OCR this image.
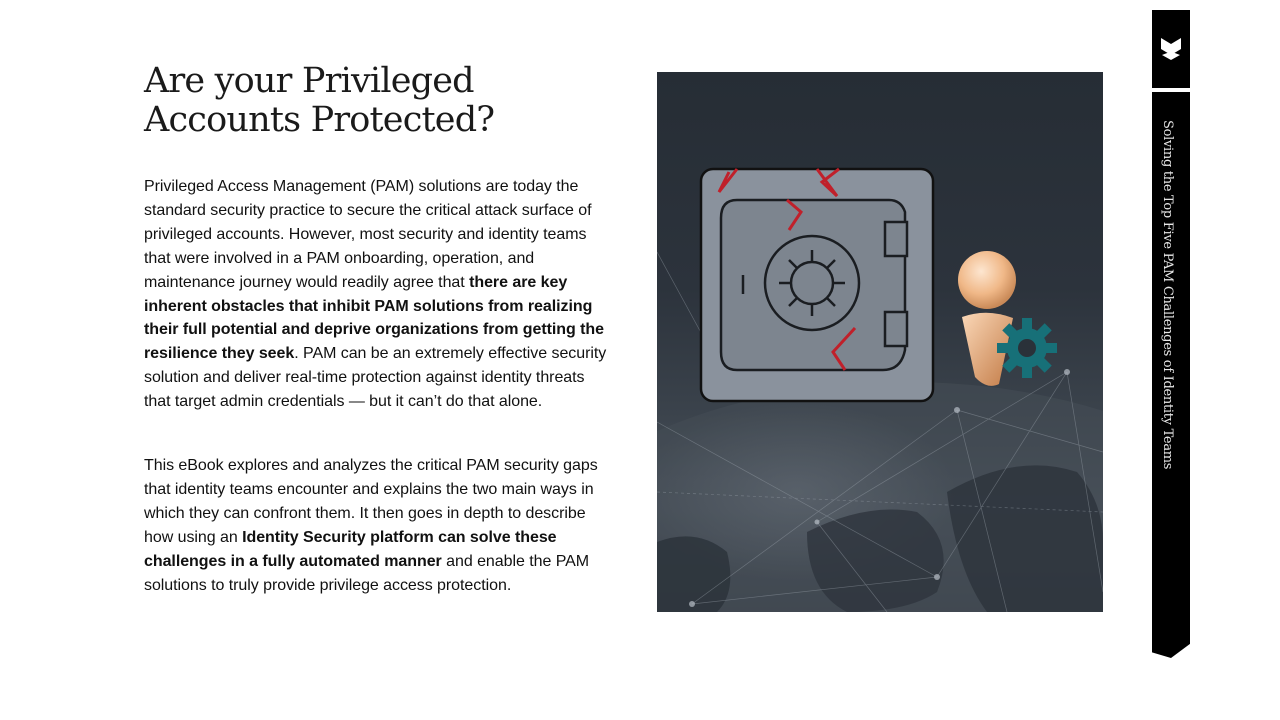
Are your Privileged Accounts Protected?

Privileged Access Management (PAM) solutions are today the standard security practice to secure the critical attack surface of privileged accounts. However, most security and identity teams that were involved in a PAM onboarding, operation, and maintenance journey would readily agree that there are key inherent obstacles that inhibit PAM solutions from realizing their full potential and deprive organizations from getting the resilience they seek. PAM can be an extremely effective security solution and deliver real-time protection against identity threats that target admin credentials — but it can’t do that alone.

This eBook explores and analyzes the critical PAM security gaps that identity teams encounter and explains the two main ways in which they can confront them. It then goes in depth to describe how using an Identity Security platform can solve these challenges in a fully automated manner and enable the PAM solutions to truly provide privilege access protection.

Solving the Top Five PAM Challenges of Identity Teams
